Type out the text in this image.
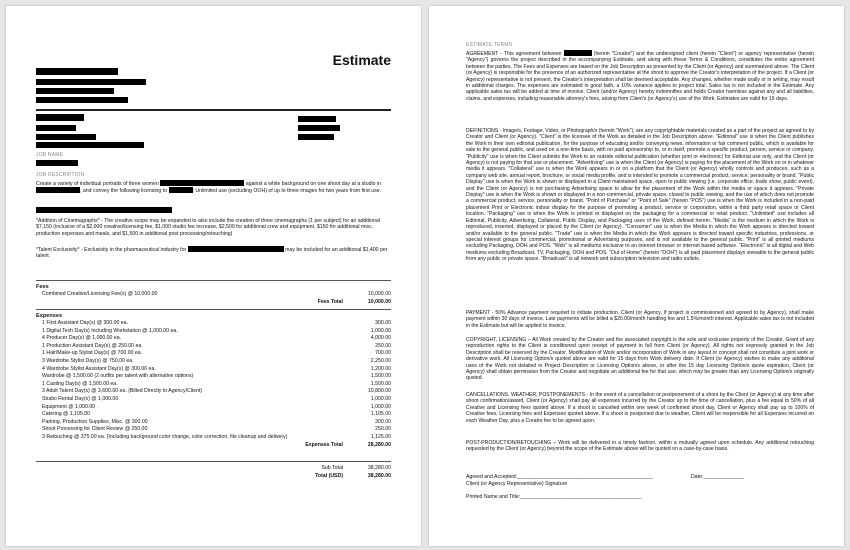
Estimate
JOB NAME
JOB DESCRIPTION
Create a variety of individual portraits of three women	against a white background on one shoot day at a studio in , and convey the following licensing to	: Unlimited use (excluding OOH) of up to three images for two years from first use.
*Addition of Cinemagraphs* - The creative scope may be expanded to also include the creation of three cinemagraphs (1 per subject) for an additional $7,150 (inclusive of a $2,000 creative/licensing fee, $1,000 studio fee increase, $2,500 for additional crew and equipment, $150 for additional misc. production expenses and meals, and $1,500 in additional post processing/retouching)
*Talent Exclusivity* - Exclusivity in the pharmaceutical industry for	may be included for an additional $1,400 per talent.
Fees
Expenses
Sub Total	38,280.00
Total (USD)	38,280.00
Combined Creative/Licensing Fee(s) @ 10,000.00	10,000.00
Fees Total	10,000.00
1 First Assistant Day(s) @ 300.00 ea.	300.00
1 Digital Tech Day(s) Including Workstation @ 1,000.00 ea.	1,000.00
4 Producer Day(s) @ 1,000.00 ea.	4,000.00
1 Production Assistant Day(s) @ 250.00 ea.	250.00
1 Hair/Make-up Stylist Day(s) @ 700.00 ea.	700.00
3 Wardrobe Stylist Day(s) @ 750.00 ea.	2,250.00
4 Wardrobe Stylist Assistant Day(s) @ 300.00 ea.	1,200.00
Wardrobe @ 1,500.00 (2 outfits per talent with alternative options)	1,500.00
1 Casting Day(s) @ 1,500.00 ea.	1,500.00
3 Adult Talent Day(s) @ 3,600.00 ea. (Billed Directly to Agency/Client)	10,800.00
Studio Rental Day(s) @ 1,000.00	1,000.00
Equipment @ 1,000.00	1,000.00
Catering @ 1,105.00	1,105.00
Parking, Production Supplies, Misc. @ 300.00	300.00
Shoot Processing for Client Review @ 250.00	250.00
3 Retouching @ 375.00 ea. (Including background color change, color correction, file cleanup and delivery)	1,125.00
Expenses Total	28,280.00
ESTIMATE TERMS
AGREEMENT - This agreement between	(herein "Creator") and the undersigned client (herein "Client") or agency representative (herein "Agency") governs the project described in the accompanying Estimate, and along with these Terms & Conditions, constitutes the entire agreement between the parties. The Fees and Expenses are based on the Job Description as presented by the Client (or Agency) and summarized above. The Client (or Agency) is responsible for the presence of an authorized representative at the shoot to approve the Creator's interpretation of the project. If a Client (or Agency) representative is not present, the Creator's interpretation shall be deemed acceptable. Any changes, whether made orally or in writing, may result in additional charges. The expenses are estimated in good faith, a 10% variance applies to project total. Sales tax is not included in the Estimate. Any applicable sales tax will be added at time of invoice. Client (and/or Agency) hereby indemnifies and holds Creator harmless against any and all liabilities, claims, and expenses, including reasonable attorney's fees, arising from Client's (or Agency's) use of the Work. Estimates are valid for 15 days.
DEFINITIONS - Image/s, Footage, Video, or Photograph/s (herein "Work"), are any copyrightable materials created as a part of the project as agreed to by Creator and Client (or Agency). "Client" is the licensee of the Work as detailed in the Job Description above. "Editorial" use is when the Client publishes the Work in their own editorial publication, for the purpose of educating and/or conveying news, information or fair comment public, which is available for sale to the general public, and used on a one-time basis, with no paid sponsorship to, or in itself, promote a specific product, person, service or company. "Publicity" use is when the Client submits the Work to an outside editorial publication (whether print or electronic) for Editorial use only, and the Client (or Agency) is not paying for that use or placement. "Advertising" use is when the Client (or Agency) is paying for the placement of the Work on or in whatever media it appears. "Collateral" use is when the Work appears in or on a platform that the Client (or Agency) wholly controls and produces, such as a company web site, annual report, brochure, or social media profile, and is intended to promote a commercial product, service, personality or brand. "Public Display" use is when the Work is shown or displayed in a Client maintained space, open to public viewing (i.e. corporate office, trade show, public event), and the Client (or Agency) is not purchasing Advertising space to allow for the placement of the Work within the media or space it appears. "Private Display" use is when the Work is shown or displayed in a non-commercial, private space, closed to public viewing, and the use of which does not promote a commercial product, service, personality or brand. "Point of Purchase" or "Point of Sale" (herein "POS") use is when the Work is included in a non-paid placement Print or Electronic indoor display for the purpose of promoting a product, service or corporation, within a third party retail space or Client location. "Packaging" use is when the Work is printed or displayed on the packaging for a commercial or retail product. "Unlimited" use includes all Editorial, Publicity, Advertising, Collateral, Public Display, and Packaging uses of the Work, defined herein. "Media" is the medium in which the Work is reproduced, inserted, displayed or placed by the Client (or Agency). "Consumer" use is when the Media in which the Work appears is directed toward and/or available to the general public. "Trade" use is when the Media in which the Work appears is directed toward specific industries, professions, or special interest groups for commercial, promotional or Advertising purposes, and is not available to the general public. "Print" is all printed mediums excluding Packaging, OOH and POS. "Web" is all mediums exclusive to an internet browser or internet based software. "Electronic" is all digital and Web mediums excluding Broadcast, TV, Packaging, OOH and POS. "Out of Home" (herein "OOH") is all paid placement displays viewable to the general public from any public or private space. "Broadcast" is all network and subscription television and radio outlets.
PAYMENT - 50% Advance payment required to initiate production. Client (or Agency, if project is commissioned and agreed to by Agency), shall make payment within 30 days of invoice. Late payments will be billed a $20.00/month handling fee and 1.5%/month interest. Applicable sales tax is not included in the Estimate but will be applied to invoice.
COPYRIGHT, LICENSING – All Work created by the Creator and the associated copyright is the sole and exclusive property of the Creator. Grant of any reproduction rights to the Client is conditioned upon receipt of payment in full from Client (or Agency). All rights not expressly granted in the Job Description shall be reserved by the Creator. Modification of Work and/or incorporation of Work in any layout or concept shall not constitute a joint work or derivative work. All Licensing Option/s quoted above are valid for 15 days from Work delivery date. If Client (or Agency) wishes to make any additional uses of the Work not detailed in Project Description or Licensing Option/s above, or after the 15 day Licensing Option/s quote expiration, Client (or Agency) shall obtain permission from the Creator and negotiate an additional fee for that use, which may be greater than any Licensing Option/s originally quoted.
CANCELLATIONS, WEATHER, POSTPONEMENTS - In the event of a cancellation or postponement of a shoot by the Client (or Agency) at any time after shoot confirmation/award, Client (or Agency) shall pay all expenses incurred by the Creator up to the time of cancellation, plus a fee equal to 50% of all Creative and Licensing fees quoted above. If a shoot is cancelled within one week of confirmed shoot day, Client or Agency shall pay up to 100% of Creative fees, Licensing fees and Expenses quoted above. If a shoot is postponed due to weather, Client will be responsible for all Expenses incurred on each Weather Day, plus a Creator fee to be agreed upon.
POST-PRODUCTION/RETOUCHING – Work will be delivered in a timely fashion, within a mutually agreed upon schedule. Any additional retouching requested by the Client (or Agency) beyond the scope of the Estimate above will be quoted on a case-by-case basis.
Agreed and Accepted:_______________________________________________	Date:______________
Client (or Agency Representative) Signature
Printed Name and Title:__________________________________________
